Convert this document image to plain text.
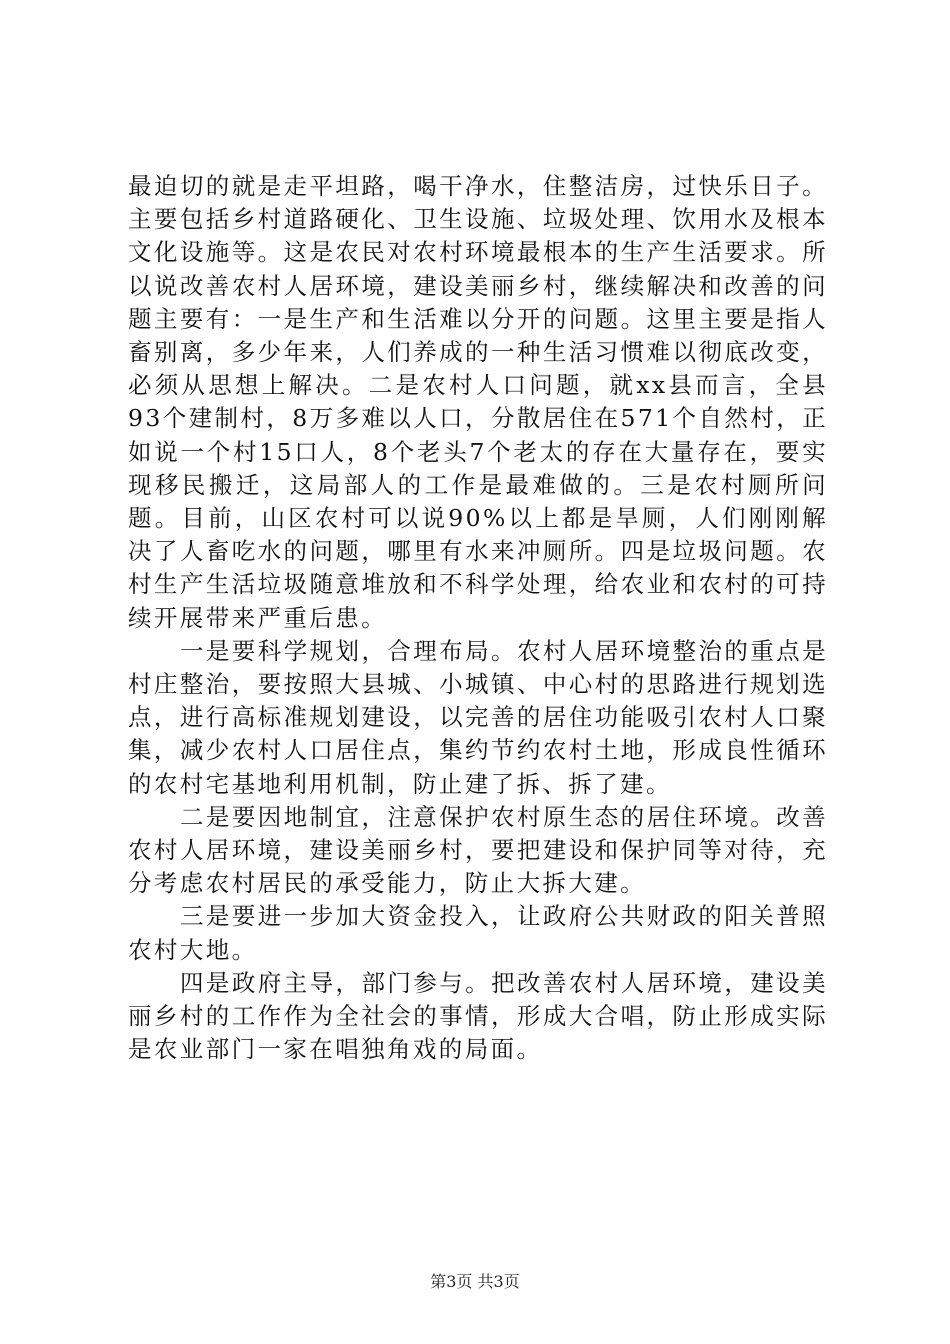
最迫切的就是走平坦路，喝干净水，住整洁房，过快乐日子。主要包括乡村道路硬化、卫生设施、垃圾处理、饮用水及根本文化设施等。这是农民对农村环境最根本的生产生活要求。所以说改善农村人居环境，建设美丽乡村，继续解决和改善的问题主要有：一是生产和生活难以分开的问题。这里主要是指人畜别离，多少年来，人们养成的一种生活习惯难以彻底改变，必须从思想上解决。二是农村人口问题，就xx县而言，全县93个建制村，8万多难以人口，分散居住在571个自然村，正如说一个村15口人，8个老头7个老太的存在大量存在，要实现移民搬迁，这局部人的工作是最难做的。三是农村厕所问题。目前，山区农村可以说90%以上都是旱厕，人们刚刚解决了人畜吃水的问题，哪里有水来冲厕所。四是垃圾问题。农村生产生活垃圾随意堆放和不科学处理，给农业和农村的可持续开展带来严重后患。

一是要科学规划，合理布局。农村人居环境整治的重点是村庄整治，要按照大县城、小城镇、中心村的思路进行规划选点，进行高标准规划建设，以完善的居住功能吸引农村人口聚集，减少农村人口居住点，集约节约农村土地，形成良性循环的农村宅基地利用机制，防止建了拆、拆了建。

二是要因地制宜，注意保护农村原生态的居住环境。改善农村人居环境，建设美丽乡村，要把建设和保护同等对待，充分考虑农村居民的承受能力，防止大拆大建。

三是要进一步加大资金投入，让政府公共财政的阳关普照农村大地。

四是政府主导，部门参与。把改善农村人居环境，建设美丽乡村的工作作为全社会的事情，形成大合唱，防止形成实际是农业部门一家在唱独角戏的局面。

第3页 共3页
